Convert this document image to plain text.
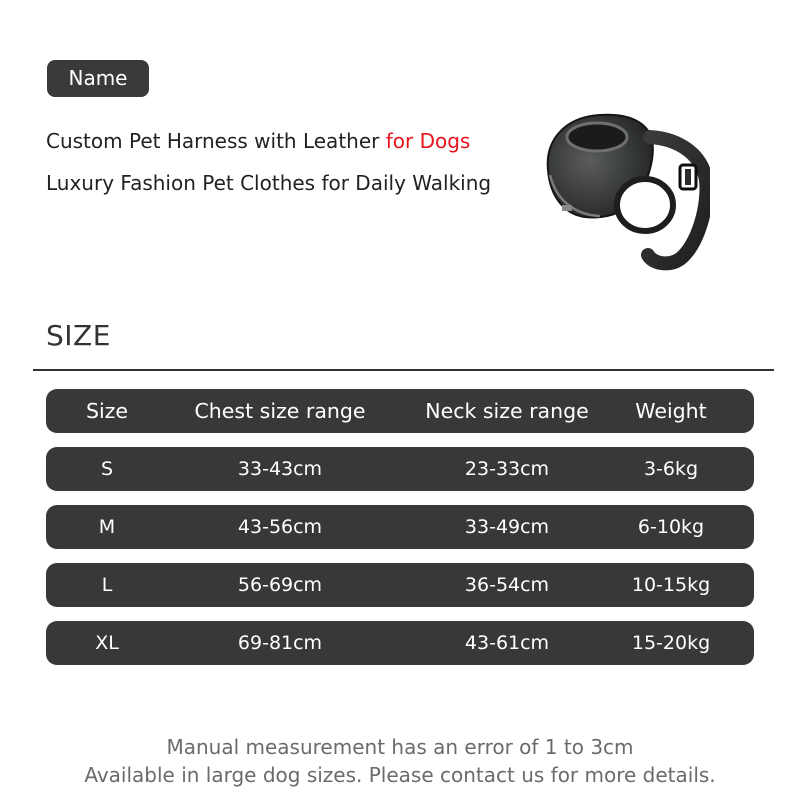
Name
Custom Pet Harness with Leather for Dogs
Luxury Fashion Pet Clothes for Daily Walking
SIZE
Size	Chest size range	Neck size range	Weight
S	33-43cm	23-33cm	3-6kg
M	43-56cm	33-49cm	6-10kg
L	56-69cm	36-54cm	10-15kg
XL	69-81cm	43-61cm	15-20kg
Manual measurement has an error of 1 to 3cm
Available in large dog sizes. Please contact us for more details.
